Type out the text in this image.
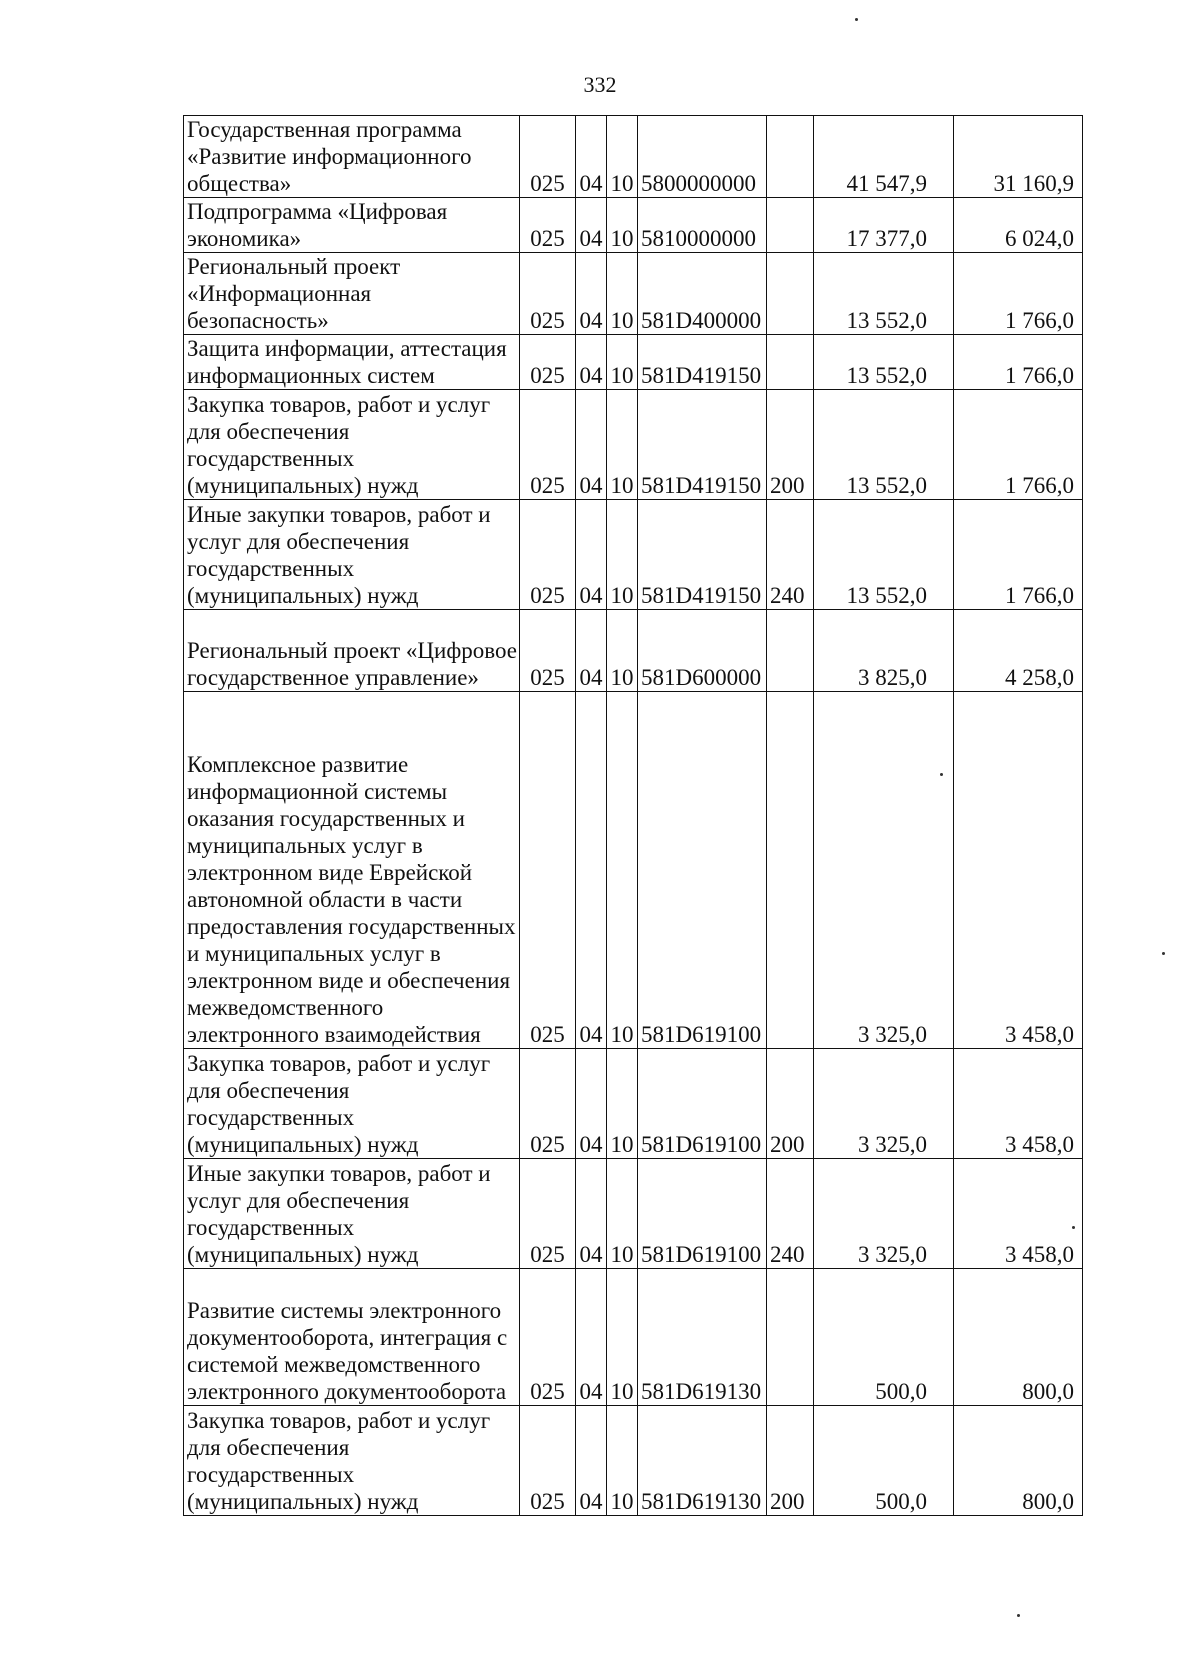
332
Государственная программа «Развитие информационного общества»	025	04	10	5800000000		41 547,9	31 160,9
Подпрограмма «Цифровая экономика»	025	04	10	5810000000		17 377,0	6 024,0
Региональный проект «Информационная безопасность»	025	04	10	581D400000		13 552,0	1 766,0
Защита информации, аттестация информационных систем	025	04	10	581D419150		13 552,0	1 766,0
Закупка товаров, работ и услуг для обеспечения государственных (муниципальных) нужд	025	04	10	581D419150	200	13 552,0	1 766,0
Иные закупки товаров, работ и услуг для обеспечения государственных (муниципальных) нужд	025	04	10	581D419150	240	13 552,0	1 766,0
Региональный проект «Цифровое государственное управление»	025	04	10	581D600000		3 825,0	4 258,0
Комплексное развитие информационной системы оказания государственных и муниципальных услуг в электронном виде Еврейской автономной области в части предоставления государственных и муниципальных услуг в электронном виде и обеспечения межведомственного электронного взаимодействия	025	04	10	581D619100		3 325,0	3 458,0
Закупка товаров, работ и услуг для обеспечения государственных (муниципальных) нужд	025	04	10	581D619100	200	3 325,0	3 458,0
Иные закупки товаров, работ и услуг для обеспечения государственных (муниципальных) нужд	025	04	10	581D619100	240	3 325,0	3 458,0
Развитие системы электронного документооборота, интеграция с системой межведомственного электронного документооборота	025	04	10	581D619130		500,0	800,0
Закупка товаров, работ и услуг для обеспечения государственных (муниципальных) нужд	025	04	10	581D619130	200	500,0	800,0
